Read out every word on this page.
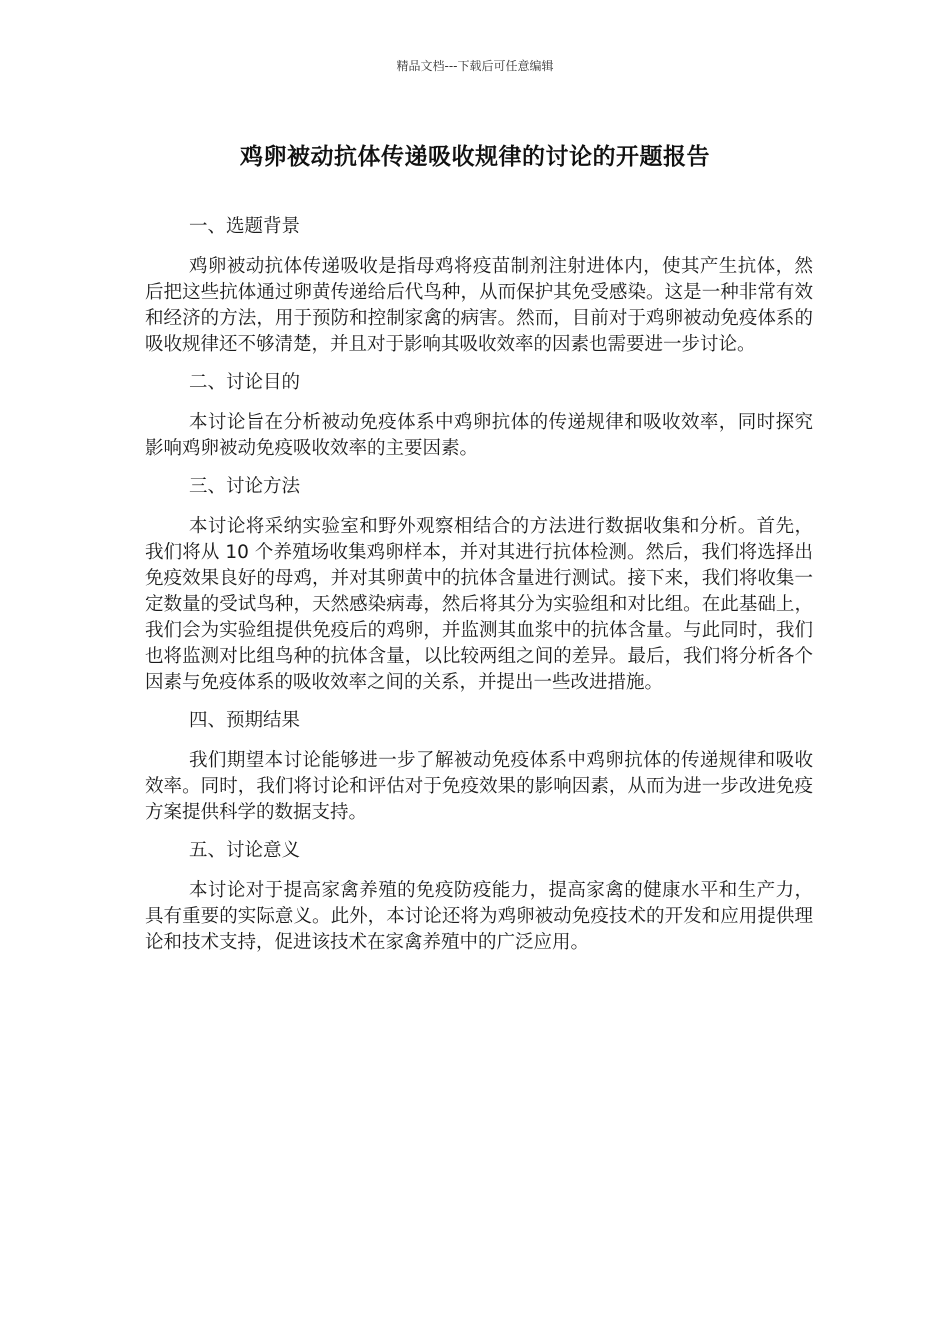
精品文档---下载后可任意编辑
鸡卵被动抗体传递吸收规律的讨论的开题报告

一、选题背景

鸡卵被动抗体传递吸收是指母鸡将疫苗制剂注射进体内，使其产生抗体，然后把这些抗体通过卵黄传递给后代鸟种，从而保护其免受感染。这是一种非常有效和经济的方法，用于预防和控制家禽的病害。然而，目前对于鸡卵被动免疫体系的吸收规律还不够清楚，并且对于影响其吸收效率的因素也需要进一步讨论。

二、讨论目的

本讨论旨在分析被动免疫体系中鸡卵抗体的传递规律和吸收效率，同时探究影响鸡卵被动免疫吸收效率的主要因素。

三、讨论方法

本讨论将采纳实验室和野外观察相结合的方法进行数据收集和分析。首先，我们将从 10 个养殖场收集鸡卵样本，并对其进行抗体检测。然后，我们将选择出免疫效果良好的母鸡，并对其卵黄中的抗体含量进行测试。接下来，我们将收集一定数量的受试鸟种，天然感染病毒，然后将其分为实验组和对比组。在此基础上，我们会为实验组提供免疫后的鸡卵，并监测其血浆中的抗体含量。与此同时，我们也将监测对比组鸟种的抗体含量，以比较两组之间的差异。最后，我们将分析各个因素与免疫体系的吸收效率之间的关系，并提出一些改进措施。

四、预期结果

我们期望本讨论能够进一步了解被动免疫体系中鸡卵抗体的传递规律和吸收效率。同时，我们将讨论和评估对于免疫效果的影响因素，从而为进一步改进免疫方案提供科学的数据支持。

五、讨论意义

本讨论对于提高家禽养殖的免疫防疫能力，提高家禽的健康水平和生产力，具有重要的实际意义。此外，本讨论还将为鸡卵被动免疫技术的开发和应用提供理论和技术支持，促进该技术在家禽养殖中的广泛应用。
